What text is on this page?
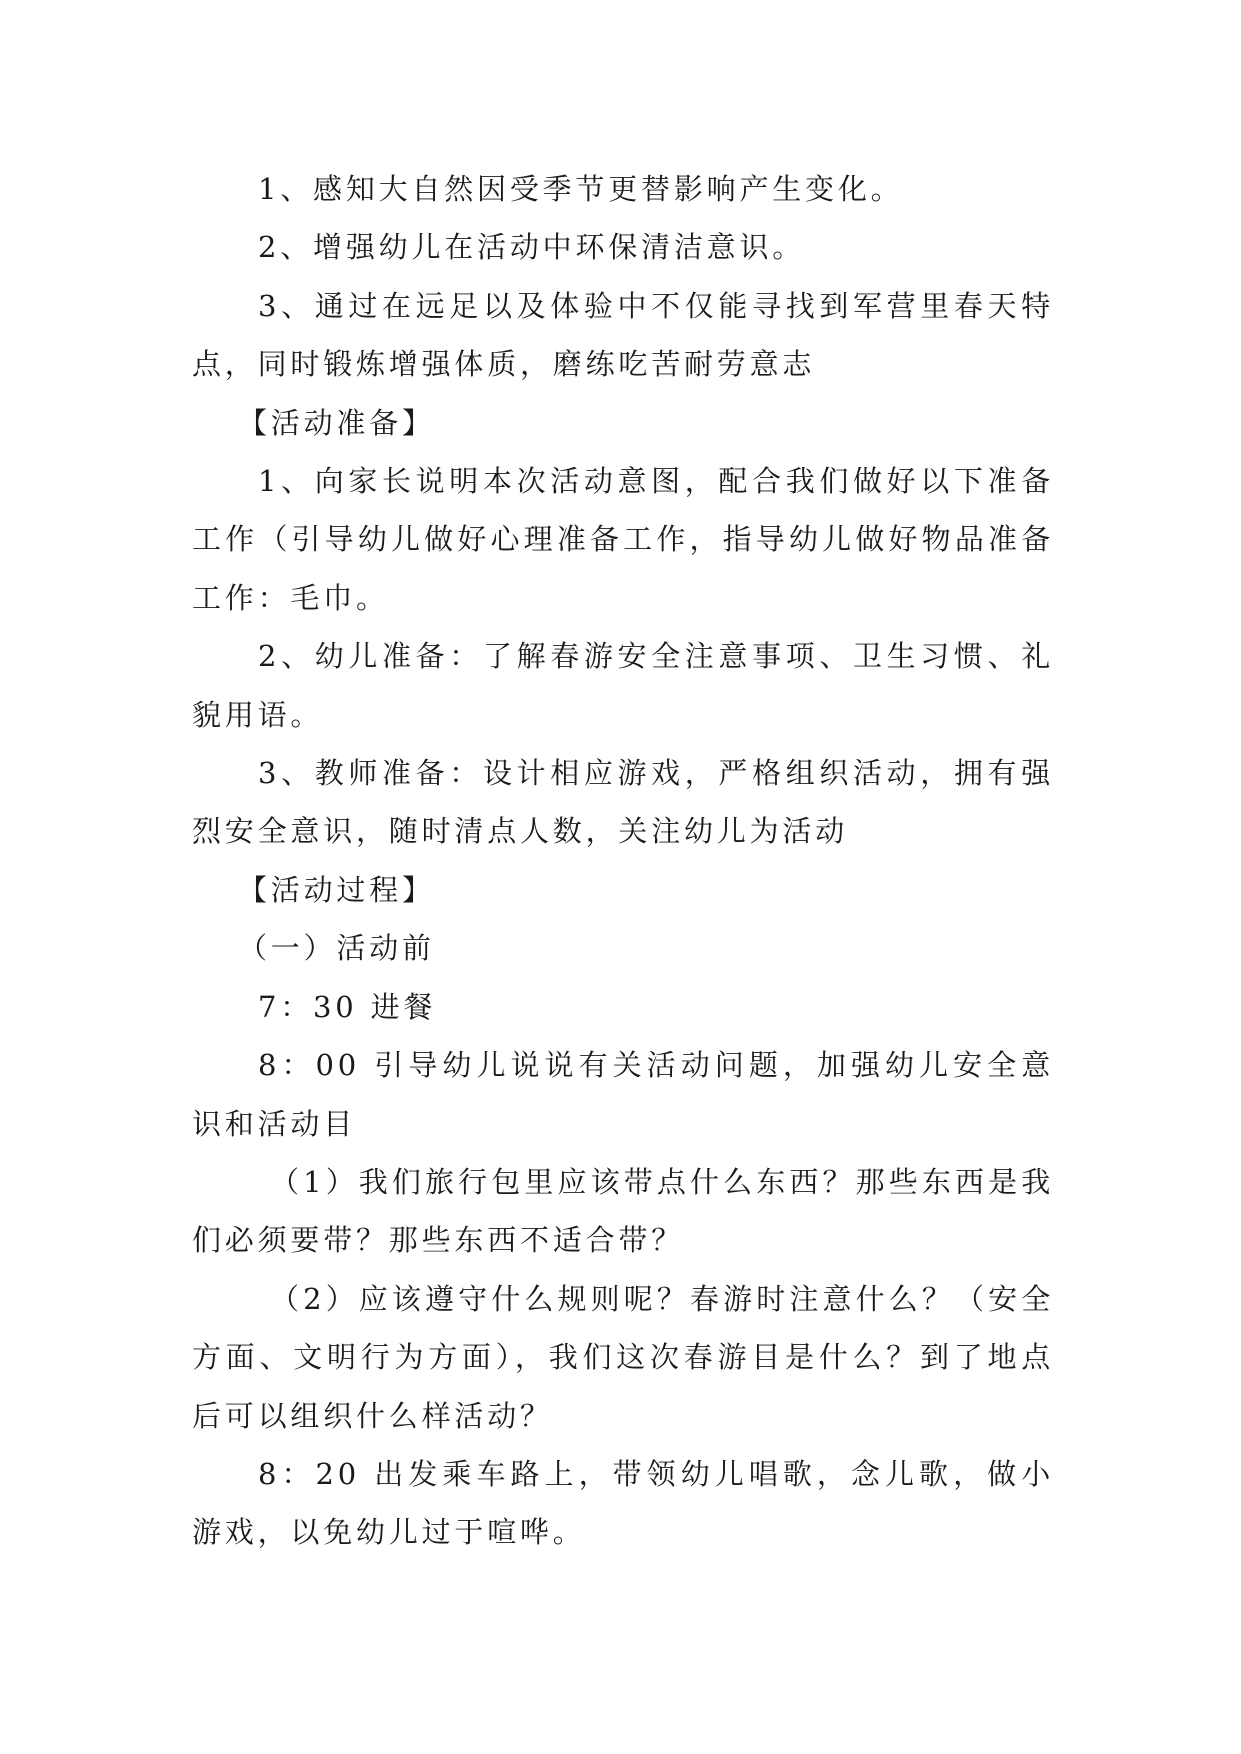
1、感知大自然因受季节更替影响产生变化。

2、增强幼儿在活动中环保清洁意识。

3、通过在远足以及体验中不仅能寻找到军营里春天特点，同时锻炼增强体质，磨练吃苦耐劳意志

【活动准备】

1、向家长说明本次活动意图，配合我们做好以下准备工作（引导幼儿做好心理准备工作，指导幼儿做好物品准备工作：毛巾。

2、幼儿准备：了解春游安全注意事项、卫生习惯、礼貌用语。

3、教师准备：设计相应游戏，严格组织活动，拥有强烈安全意识，随时清点人数，关注幼儿为活动

【活动过程】

（一）活动前

7：30 进餐

8：00 引导幼儿说说有关活动问题，加强幼儿安全意识和活动目

（1）我们旅行包里应该带点什么东西？那些东西是我们必须要带？那些东西不适合带？

（2）应该遵守什么规则呢？春游时注意什么？（安全方面、文明行为方面），我们这次春游目是什么？到了地点后可以组织什么样活动？

8：20 出发乘车路上，带领幼儿唱歌，念儿歌，做小游戏，以免幼儿过于喧哗。
